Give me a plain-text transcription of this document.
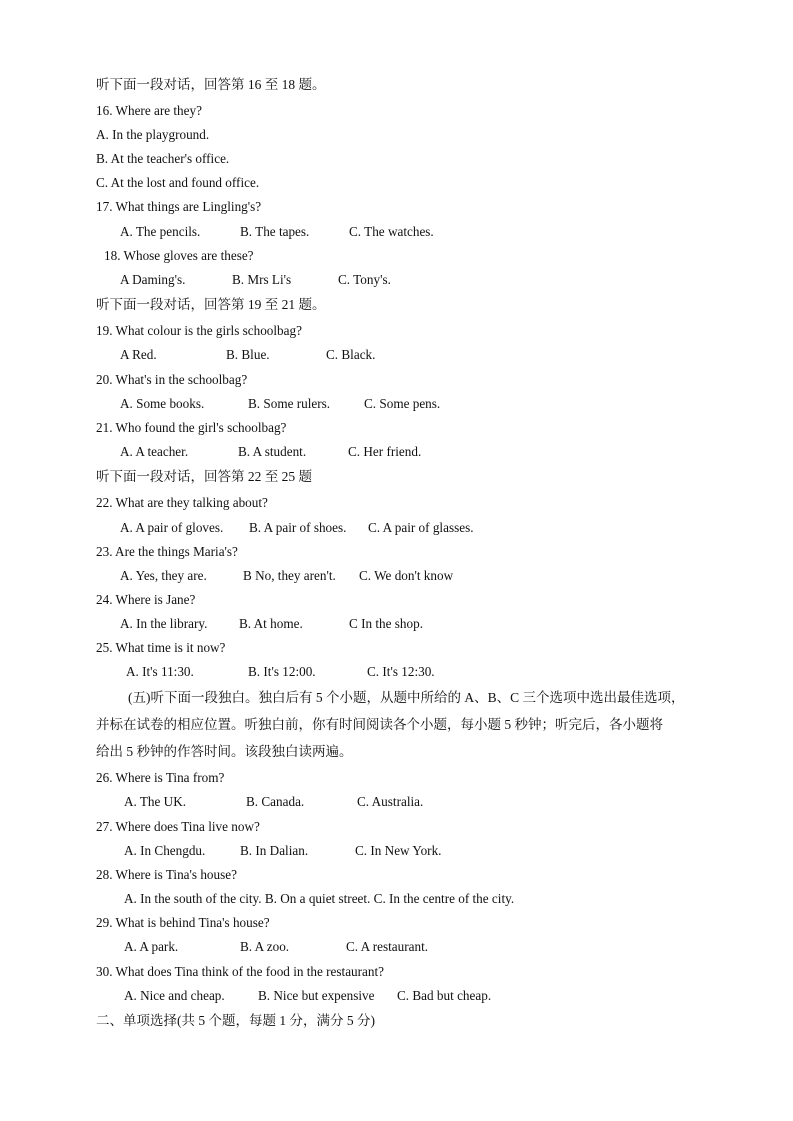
听下面一段对话，回答第 16 至 18 题。
16. Where are they?
A. In the playground.
B. At the teacher's office.
C. At the lost and found office.
17. What things are Lingling's?
A. The pencils.	B. The tapes.	C. The watches.
18. Whose gloves are these?
A Daming's.	B. Mrs Li's	C. Tony's.
听下面一段对话，回答第 19 至 21 题。
19. What colour is the girls schoolbag?
A Red.	B. Blue.	C. Black.
20. What's in the schoolbag?
A. Some books.	B. Some rulers.	C. Some pens.
21. Who found the girl's schoolbag?
A. A teacher.	B. A student.	C. Her friend.
听下面一段对话，回答第 22 至 25 题
22. What are they talking about?
A. A pair of gloves. B. A pair of shoes. C. A pair of glasses.
23. Are the things Maria's?
A. Yes, they are.	B No, they aren't. C. We don't know
24. Where is Jane?
A. In the library. B. At home.	C In the shop.
25. What time is it now?
A. It's 11:30.	B. It's 12:00.	C. It's 12:30.
(五)听下面一段独白。独白后有 5 个小题，从题中所给的 A、B、C 三个选项中选出最佳选项，
并标在试卷的相应位置。听独白前，你有时间阅读各个小题，每小题 5 秒钟；听完后，各小题将
给出 5 秒钟的作答时间。该段独白读两遍。
26. Where is Tina from?
A. The UK.	B. Canada.	C. Australia.
27. Where does Tina live now?
A. In Chengdu.	B. In Dalian.	C. In New York.
28. Where is Tina's house?
A. In the south of the city. B. On a quiet street. C. In the centre of the city.
29. What is behind Tina's house?
A. A park.	B. A zoo.	C. A restaurant.
30. What does Tina think of the food in the restaurant?
A. Nice and cheap.	B. Nice but expensive C. Bad but cheap.
二、单项选择(共 5 个题，每题 1 分，满分 5 分)
